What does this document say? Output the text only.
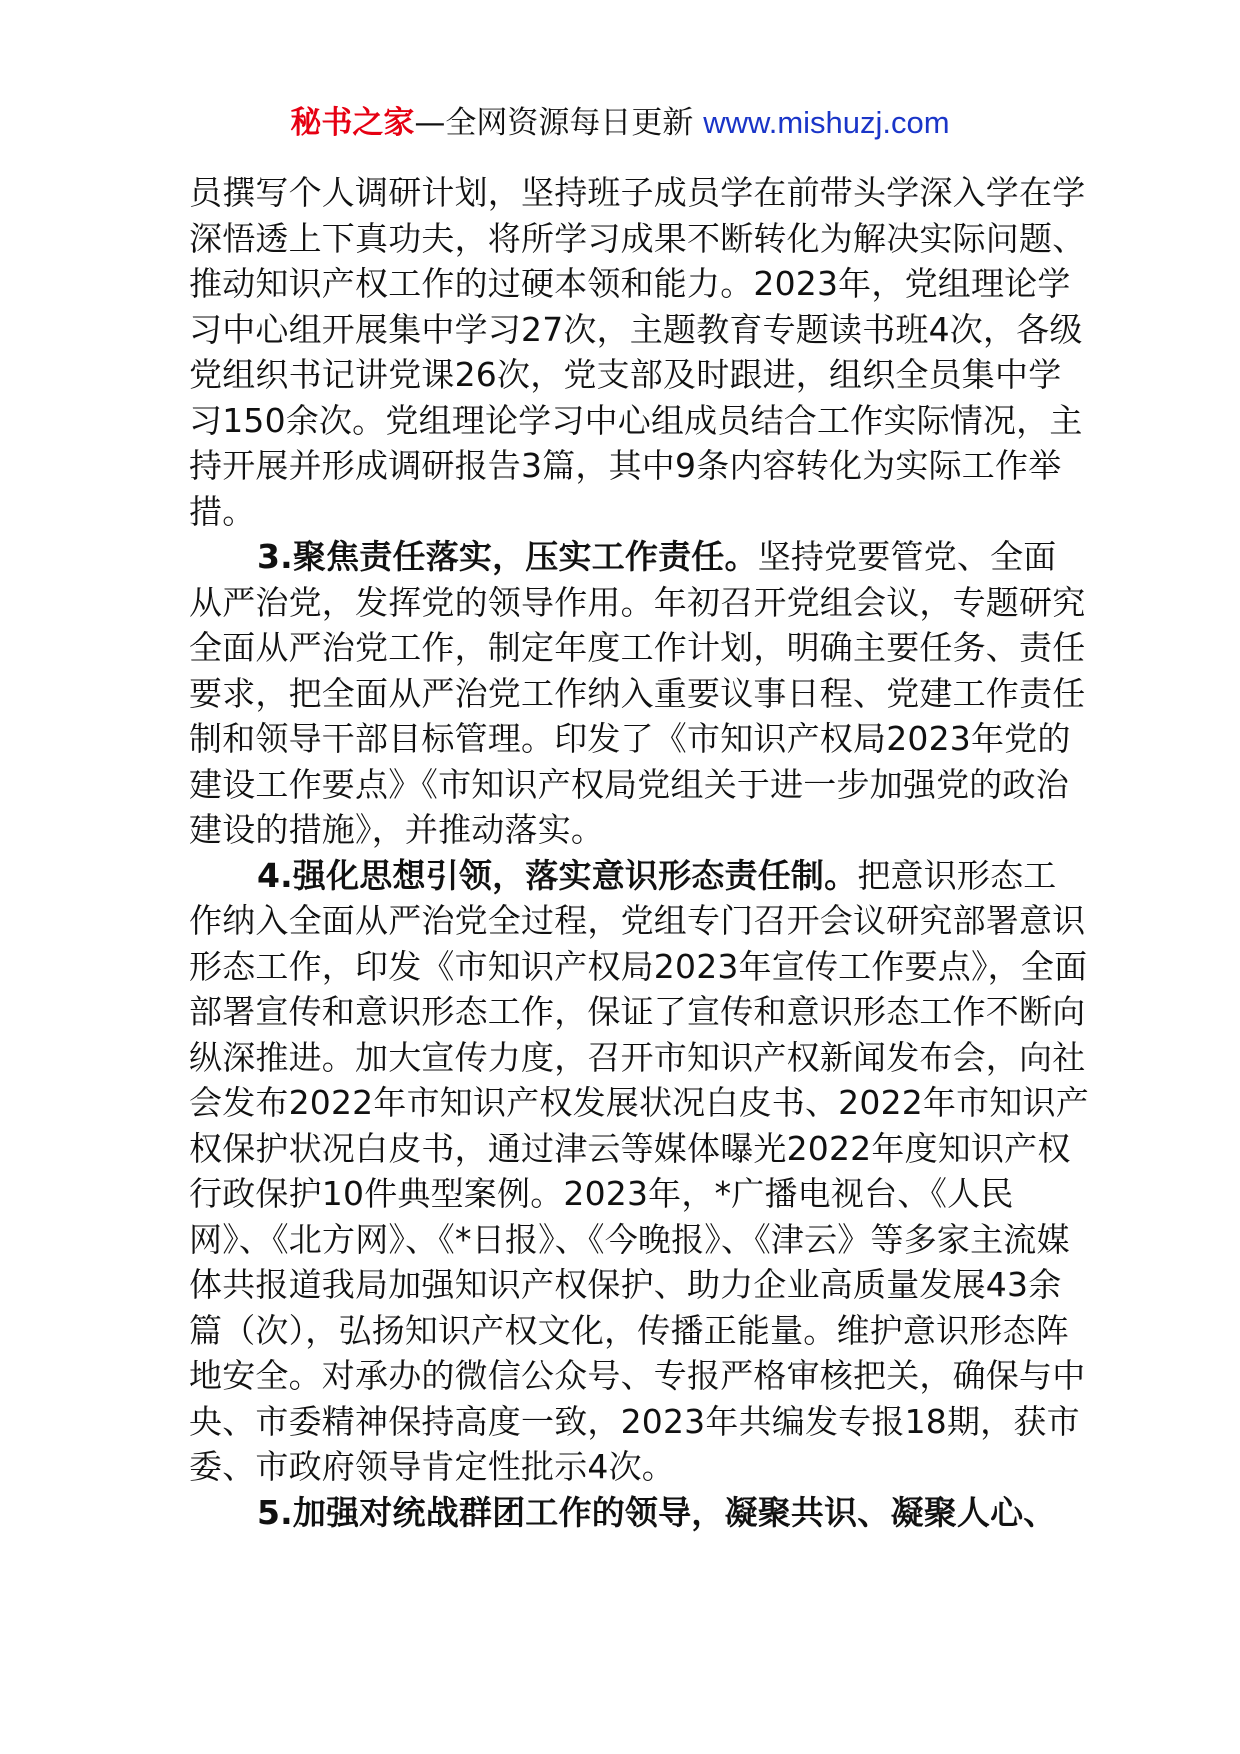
秘书之家—全网资源每日更新 www.mishuzj.com

员撰写个人调研计划，坚持班子成员学在前带头学深入学在学深悟透上下真功夫，将所学习成果不断转化为解决实际问题、推动知识产权工作的过硬本领和能力。2023年，党组理论学习中心组开展集中学习27次，主题教育专题读书班4次，各级党组织书记讲党课26次，党支部及时跟进，组织全员集中学习150余次。党组理论学习中心组成员结合工作实际情况，主持开展并形成调研报告3篇，其中9条内容转化为实际工作举措。

3.聚焦责任落实，压实工作责任。坚持党要管党、全面从严治党，发挥党的领导作用。年初召开党组会议，专题研究全面从严治党工作，制定年度工作计划，明确主要任务、责任要求，把全面从严治党工作纳入重要议事日程、党建工作责任制和领导干部目标管理。印发了《市知识产权局2023年党的建设工作要点》《市知识产权局党组关于进一步加强党的政治建设的措施》，并推动落实。

4.强化思想引领，落实意识形态责任制。把意识形态工作纳入全面从严治党全过程，党组专门召开会议研究部署意识形态工作，印发《市知识产权局2023年宣传工作要点》，全面部署宣传和意识形态工作，保证了宣传和意识形态工作不断向纵深推进。加大宣传力度，召开市知识产权新闻发布会，向社会发布2022年市知识产权发展状况白皮书、2022年市知识产权保护状况白皮书，通过津云等媒体曝光2022年度知识产权行政保护10件典型案例。2023年，*广播电视台、《人民网》、《北方网》、《*日报》、《今晚报》、《津云》等多家主流媒体共报道我局加强知识产权保护、助力企业高质量发展43余篇（次），弘扬知识产权文化，传播正能量。维护意识形态阵地安全。对承办的微信公众号、专报严格审核把关，确保与中央、市委精神保持高度一致，2023年共编发专报18期，获市委、市政府领导肯定性批示4次。

5.加强对统战群团工作的领导，凝聚共识、凝聚人心、
